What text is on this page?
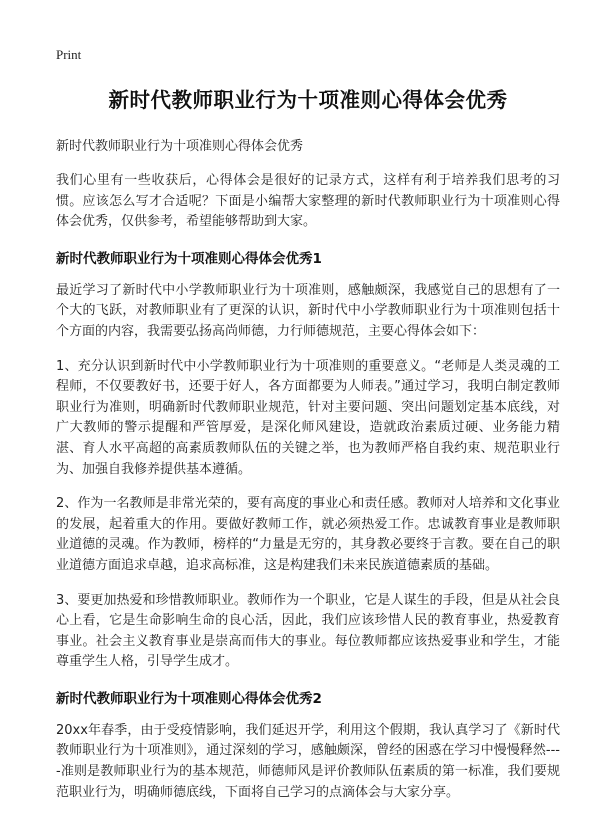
Print
新时代教师职业行为十项准则心得体会优秀
新时代教师职业行为十项准则心得体会优秀

我们心里有一些收获后，心得体会是很好的记录方式，这样有利于培养我们思考的习惯。应该怎么写才合适呢？下面是小编帮大家整理的新时代教师职业行为十项准则心得体会优秀，仅供参考，希望能够帮助到大家。

新时代教师职业行为十项准则心得体会优秀1

最近学习了新时代中小学教师职业行为十项准则，感触颇深，我感觉自己的思想有了一个大的飞跃，对教师职业有了更深的认识，新时代中小学教师职业行为十项准则包括十个方面的内容，我需要弘扬高尚师德，力行师德规范，主要心得体会如下：

1、充分认识到新时代中小学教师职业行为十项准则的重要意义。“老师是人类灵魂的工程师，不仅要教好书，还要于好人，各方面都要为人师表。”通过学习，我明白制定教师职业行为准则，明确新时代教师职业规范，针对主要问题、突出问题划定基本底线，对广大教师的警示提醒和严管厚爱，是深化师风建设，造就政治素质过硬、业务能力精湛、育人水平高超的高素质教师队伍的关键之举，也为教师严格自我约束、规范职业行为、加强自我修养提供基本遵循。

2、作为一名教师是非常光荣的，要有高度的事业心和责任感。教师对人培养和文化事业的发展，起着重大的作用。要做好教师工作，就必须热爱工作。忠诚教育事业是教师职业道德的灵魂。作为教师，榜样的“力量是无穷的，其身教必要终于言教。要在自己的职业道德方面追求卓越，追求高标准，这是构建我们未来民族道德素质的基础。

3、要更加热爱和珍惜教师职业。教师作为一个职业，它是人谋生的手段，但是从社会良心上看，它是生命影响生命的良心活，因此，我们应该珍惜人民的教育事业，热爱教育事业。社会主义教育事业是崇高而伟大的事业。每位教师都应该热爱事业和学生，才能尊重学生人格，引导学生成才。

新时代教师职业行为十项准则心得体会优秀2

20xx年春季，由于受疫情影响，我们延迟开学，利用这个假期，我认真学习了《新时代教师职业行为十项准则》，通过深刻的学习，感触颇深，曾经的困惑在学习中慢慢释然----准则是教师职业行为的基本规范，师德师风是评价教师队伍素质的第一标准，我们要规范职业行为，明确师德底线，下面将自己学习的点滴体会与大家分享。
